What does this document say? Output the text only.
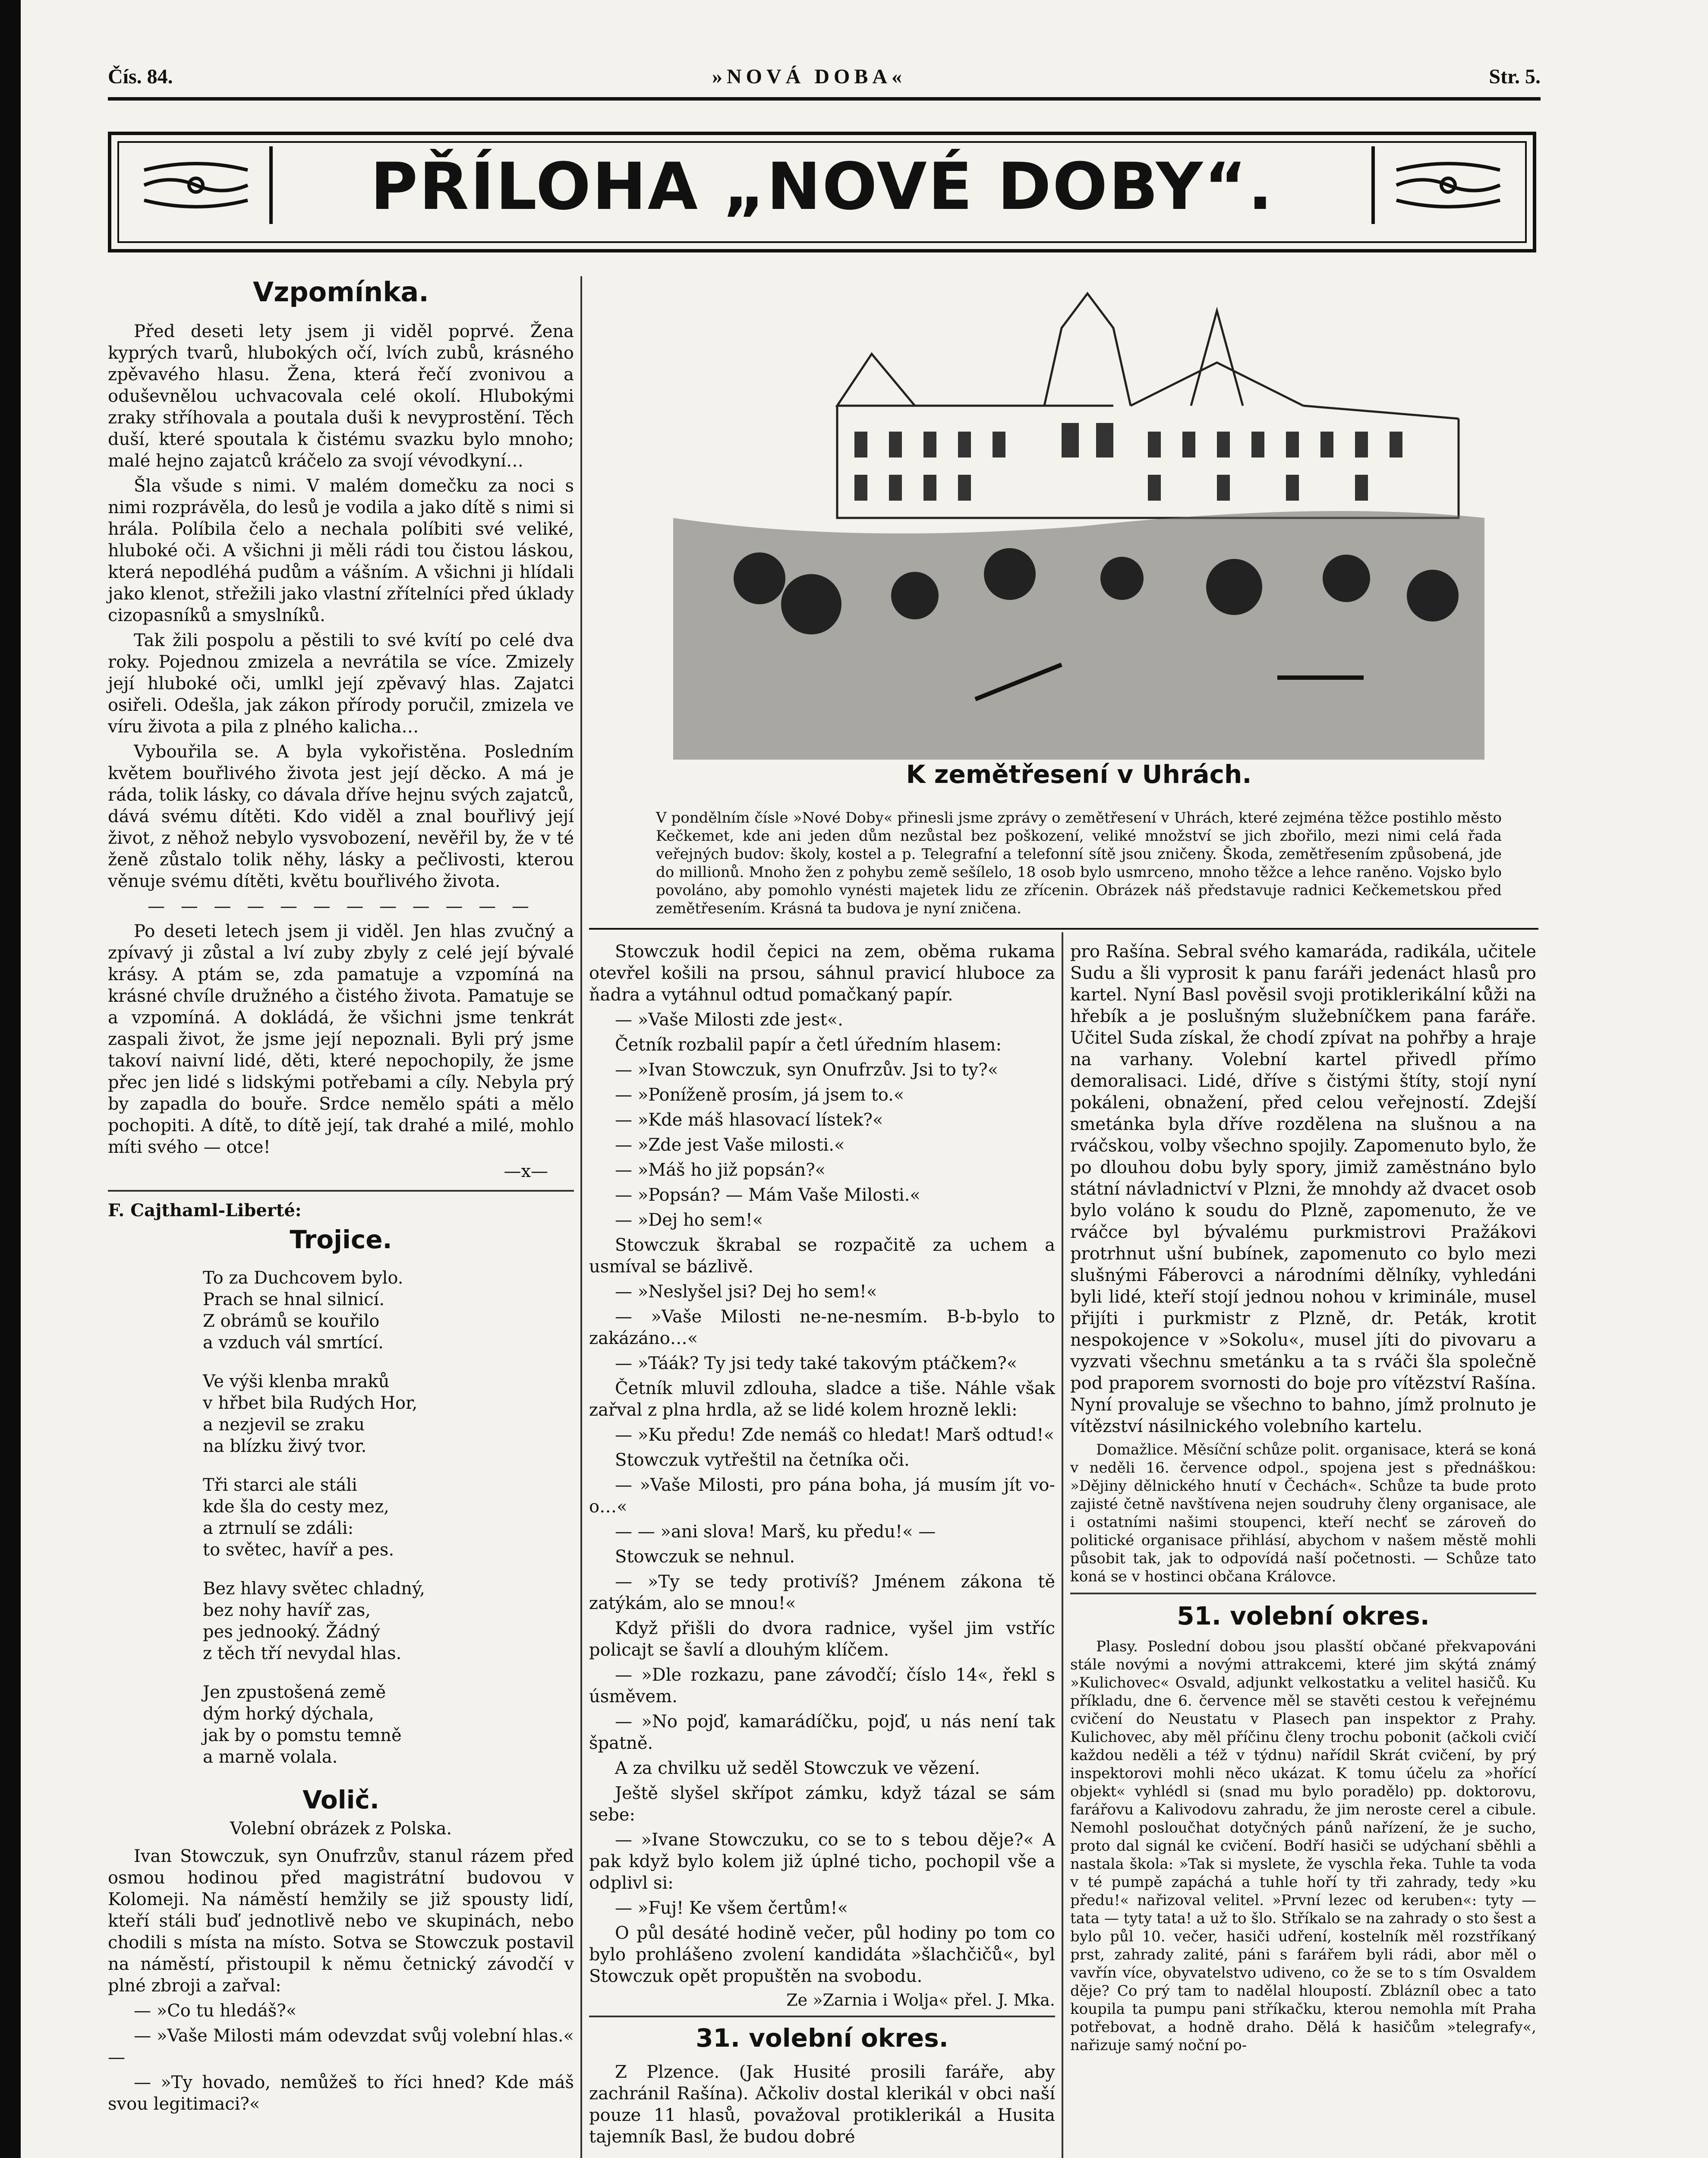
Čís. 84.	»NOVÁ DOBA«	Str. 5.
PŘÍLOHA „NOVÉ DOBY“.
Vzpomínka.

Před deseti lety jsem ji viděl poprvé. Žena kyprých tvarů, hlubokých očí, lvích zubů, krásného zpěvavého hlasu. Žena, která řečí zvonivou a oduševnělou uchvacovala celé okolí. Hlubokými zraky stříhovala a poutala duši k nevyprostění. Těch duší, které spoutala k čistému svazku bylo mnoho; malé hejno zajatců kráčelo za svojí vévodkyní…

Šla všude s nimi. V malém domečku za noci s nimi rozprávěla, do lesů je vodila a jako dítě s nimi si hrála. Políbila čelo a nechala políbiti své veliké, hluboké oči. A všichni ji měli rádi tou čistou láskou, která nepodléhá pudům a vášním. A všichni ji hlídali jako klenot, střežili jako vlastní zřítelníci před úklady cizopasníků a smyslníků.

Tak žili pospolu a pěstili to své kvítí po celé dva roky. Pojednou zmizela a nevrátila se více. Zmizely její hluboké oči, umlkl její zpěvavý hlas. Zajatci osiřeli. Odešla, jak zákon přírody poručil, zmizela ve víru života a pila z plného kalicha…

Vybouřila se. A byla vykořistěna. Posledním květem bouřlivého života jest její děcko. A má je ráda, tolik lásky, co dávala dříve hejnu svých zajatců, dává svému dítěti. Kdo viděl a znal bouřlivý její život, z něhož nebylo vysvobození, nevěřil by, že v té ženě zůstalo tolik něhy, lásky a pečlivosti, kterou věnuje svému dítěti, květu bouřlivého života.

— — — — — — — — — — — —

Po deseti letech jsem ji viděl. Jen hlas zvučný a zpívavý ji zůstal a lví zuby zbyly z celé její bývalé krásy. A ptám se, zda pamatuje a vzpomíná na krásné chvíle družného a čistého života. Pamatuje se a vzpomíná. A dokládá, že všichni jsme tenkrát zaspali život, že jsme její nepoznali. Byli prý jsme takoví naivní lidé, děti, které nepochopily, že jsme přec jen lidé s lidskými potřebami a cíly. Nebyla prý by zapadla do bouře. Srdce nemělo spáti a mělo pochopiti. A dítě, to dítě její, tak drahé a milé, mohlo míti svého — otce!

—x—
F. Cajthaml-Liberté:
Trojice.
To za Duchcovem bylo.
Prach se hnal silnicí.
Z obrámů se kouřilo
a vzduch vál smrtící.
Ve výši klenba mraků
v hřbet bila Rudých Hor,
a nezjevil se zraku
na blízku živý tvor.
Tři starci ale stáli
kde šla do cesty mez,
a ztrnulí se zdáli:
to světec, havíř a pes.
Bez hlavy světec chladný,
bez nohy havíř zas,
pes jednooký. Žádný
z těch tří nevydal hlas.
Jen zpustošená země
dým horký dýchala,
jak by o pomstu temně
a marně volala.
Volič.
Volební obrázek z Polska.

Ivan Stowczuk, syn Onufrzův, stanul rázem před osmou hodinou před magistrátní budovou v Kolomeji. Na náměstí hemžily se již spousty lidí, kteří stáli buď jednotlivě nebo ve skupinách, nebo chodili s místa na místo. Sotva se Stowczuk postavil na náměstí, přistoupil k němu četnický závodčí v plné zbroji a zařval:

— »Co tu hledáš?«

— »Vaše Milosti mám odevzdat svůj volební hlas.« —

— »Ty hovado, nemůžeš to říci hned? Kde máš svou legitimaci?«

K zemětřesení v Uhrách.

V pondělním čísle »Nové Doby« přinesli jsme zprávy o zemětřesení v Uhrách, které zejména těžce postihlo město Kečkemet, kde ani jeden dům nezůstal bez poškození, veliké množství se jich zbořilo, mezi nimi celá řada veřejných budov: školy, kostel a p. Telegrafní a telefonní sítě jsou zničeny. Škoda, zemětřesením způsobená, jde do millionů. Mnoho žen z pohybu země sešílelo, 18 osob bylo usmrceno, mnoho těžce a lehce raněno. Vojsko bylo povoláno, aby pomohlo vynésti majetek lidu ze zřícenin. Obrázek náš představuje radnici Kečkemetskou před zemětřesením. Krásná ta budova je nyní zničena.

Stowczuk hodil čepici na zem, oběma rukama otevřel košili na prsou, sáhnul pravicí hluboce za ňadra a vytáhnul odtud pomačkaný papír.

— »Vaše Milosti zde jest«.

Četník rozbalil papír a četl úředním hlasem:

— »Ivan Stowczuk, syn Onufrzův. Jsi to ty?«

— »Poníženě prosím, já jsem to.«

— »Kde máš hlasovací lístek?«

— »Zde jest Vaše milosti.«

— »Máš ho již popsán?«

— »Popsán? — Mám Vaše Milosti.«

— »Dej ho sem!«

Stowczuk škrabal se rozpačitě za uchem a usmíval se bázlivě.

— »Neslyšel jsi? Dej ho sem!«

— »Vaše Milosti ne-ne-nesmím. B-b-bylo to zakázáno…«

— »Táák? Ty jsi tedy také takovým ptáčkem?«

Četník mluvil zdlouha, sladce a tiše. Náhle však zařval z plna hrdla, až se lidé kolem hrozně lekli:

— »Ku předu! Zde nemáš co hledat! Marš odtud!«

Stowczuk vytřeštil na četníka oči.

— »Vaše Milosti, pro pána boha, já musím jít vo-o…«

— — »ani slova! Marš, ku předu!« —

Stowczuk se nehnul.

— »Ty se tedy protivíš? Jménem zákona tě zatýkám, alo se mnou!«

Když přišli do dvora radnice, vyšel jim vstříc policajt se šavlí a dlouhým klíčem.

— »Dle rozkazu, pane závodčí; číslo 14«, řekl s úsměvem.

— »No pojď, kamarádíčku, pojď, u nás není tak špatně.

A za chvilku už seděl Stowczuk ve vězení.

Ještě slyšel skřípot zámku, když tázal se sám sebe:

— »Ivane Stowczuku, co se to s tebou děje?« A pak když bylo kolem již úplné ticho, pochopil vše a odplivl si:

— »Fuj! Ke všem čertům!«

O půl desáté hodině večer, půl hodiny po tom co bylo prohlášeno zvolení kandidáta »šlachčičů«, byl Stowczuk opět propuštěn na svobodu.

Ze »Zarnia i Wolja« přel. J. Mka.
31. volební okres.

Z Plzence. (Jak Husité prosili faráře, aby zachránil Rašína). Ačkoliv dostal klerikál v obci naší pouze 11 hlasů, považoval protiklerikál a Husita tajemník Basl, že budou dobré

pro Rašína. Sebral svého kamaráda, radikála, učitele Sudu a šli vyprosit k panu faráři jedenáct hlasů pro kartel. Nyní Basl pověsil svoji protiklerikální kůži na hřebík a je poslušným služebníčkem pana faráře. Učitel Suda získal, že chodí zpívat na pohřby a hraje na varhany. Volební kartel přivedl přímo demoralisaci. Lidé, dříve s čistými štíty, stojí nyní pokáleni, obnažení, před celou veřejností. Zdejší smetánka byla dříve rozdělena na slušnou a na rváčskou, volby všechno spojily. Zapomenuto bylo, že po dlouhou dobu byly spory, jimiž zaměstnáno bylo státní návladnictví v Plzni, že mnohdy až dvacet osob bylo voláno k soudu do Plzně, zapomenuto, že ve rváčce byl bývalému purkmistrovi Pražákovi protrhnut ušní bubínek, zapomenuto co bylo mezi slušnými Fáberovci a národními dělníky, vyhledáni byli lidé, kteří stojí jednou nohou v kriminále, musel přijíti i purkmistr z Plzně, dr. Peták, krotit nespokojence v »Sokolu«, musel jíti do pivovaru a vyzvati všechnu smetánku a ta s rváči šla společně pod praporem svornosti do boje pro vítězství Rašína. Nyní provaluje se všechno to bahno, jímž prolnuto je vítězství násilnického volebního kartelu.

Domažlice. Měsíční schůze polit. organisace, která se koná v neděli 16. července odpol., spojena jest s přednáškou: »Dějiny dělnického hnutí v Čechách«. Schůze ta bude proto zajisté četně navštívena nejen soudruhy členy organisace, ale i ostatními našimi stoupenci, kteří nechť se zároveň do politické organisace přihlásí, abychom v našem městě mohli působit tak, jak to odpovídá naší početnosti. — Schůze tato koná se v hostinci občana Královce.

51. volební okres.

Plasy. Poslední dobou jsou plasští občané překvapováni stále novými a novými attrakcemi, které jim skýtá známý »Kulichovec« Osvald, adjunkt velkostatku a velitel hasičů. Ku příkladu, dne 6. července měl se stavěti cestou k veřejnému cvičení do Neustatu v Plasech pan inspektor z Prahy. Kulichovec, aby měl příčinu členy trochu pobonit (ačkoli cvičí každou neděli a též v týdnu) nařídil Skrát cvičení, by prý inspektorovi mohli něco ukázat. K tomu účelu za »hořící objekt« vyhlédl si (snad mu bylo poradělo) pp. doktorovu, farářovu a Kalivodovu zahradu, že jim neroste cerel a cibule. Nemohl posloučhat dotyčných pánů nařízení, že je sucho, proto dal signál ke cvičení. Bodří hasiči se udýchaní sběhli a nastala škola: »Tak si myslete, že vyschla řeka. Tuhle ta voda v té pumpě zapáchá a tuhle hoří ty tři zahrady, tedy »ku předu!« nařizoval velitel. »První lezec od keruben«: tyty — tata — tyty tata! a už to šlo. Stříkalo se na zahrady o sto šest a bylo půl 10. večer, hasiči udření, kostelník měl rozstříkaný prst, zahrady zalité, páni s farářem byli rádi, abor měl o vavřín více, obyvatelstvo udiveno, co že se to s tím Osvaldem děje? Co prý tam to nadělal hloupostí. Zblázníl obec a tato koupila ta pumpu pani stříkačku, kterou nemohla mít Praha potřebovat, a hodně draho. Dělá k hasičům »telegrafy«, nařizuje samý noční po-
